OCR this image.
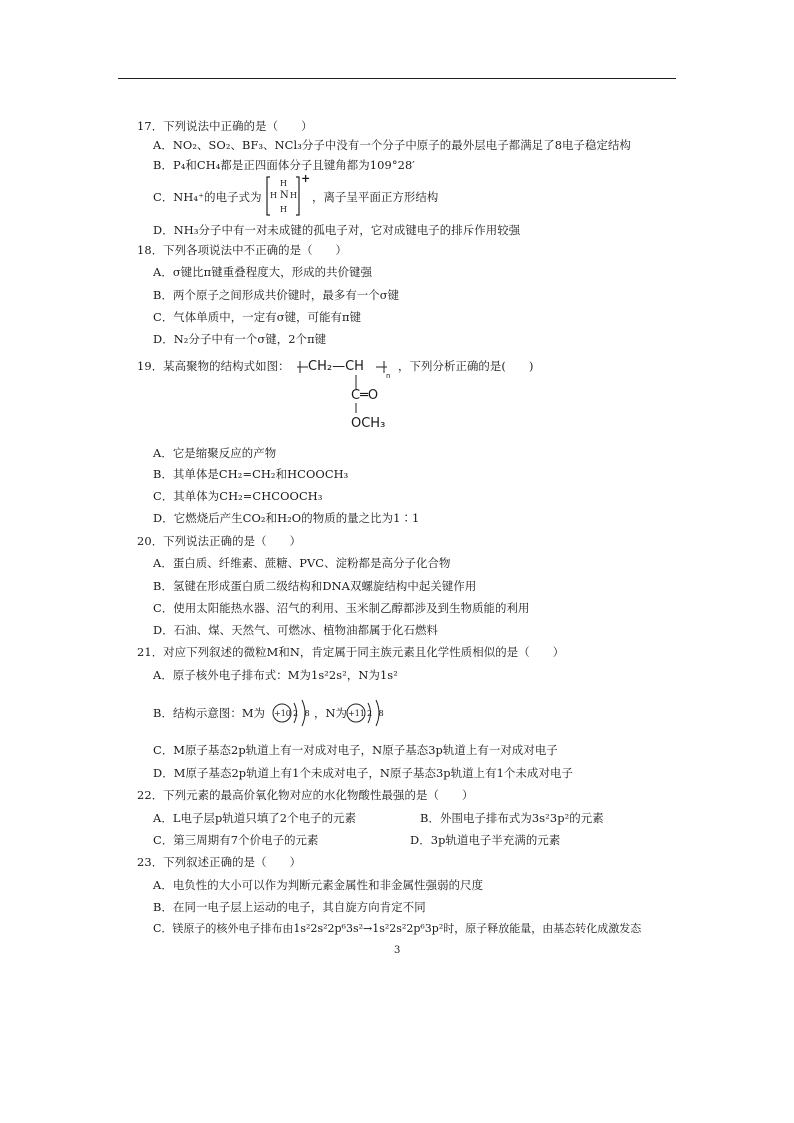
17．下列说法中正确的是（　　）
A．NO₂、SO₂、BF₃、NCl₃分子中没有一个分子中原子的最外层电子都满足了8电子稳定结构
B．P₄和CH₄都是正四面体分子且键角都为109°28′
C．NH₄⁺的电子式为 N
H
H
H H
+
，离子呈平面正方形结构
D．NH₃分子中有一对未成键的孤电子对，它对成键电子的排斥作用较强
18．下列各项说法中不正确的是（　　）
A．σ键比π键重叠程度大，形成的共价键强
B．两个原子之间形成共价键时，最多有一个σ键
C．气体单质中，一定有σ键，可能有π键
D．N₂分子中有一个σ键，2个π键
19．某高聚物的结构式如图： CH₂—CH
n
C═O
OCH₃
，下列分析正确的是(　　)
A．它是缩聚反应的产物
B．其单体是CH₂=CH₂和HCOOCH₃
C．其单体为CH₂=CHCOOCH₃
D．它燃烧后产生CO₂和H₂O的物质的量之比为1∶1
20．下列说法正确的是（　　）
A．蛋白质、纤维素、蔗糖、PVC、淀粉都是高分子化合物
B．氢键在形成蛋白质二级结构和DNA双螺旋结构中起关键作用
C．使用太阳能热水器、沼气的利用、玉米制乙醇都涉及到生物质能的利用
D．石油、煤、天然气、可燃冰、植物油都属于化石燃料
21．对应下列叙述的微粒M和N，肯定属于同主族元素且化学性质相似的是（　　）
A．原子核外电子排布式：M为1s²2s²，N为1s²
B．结构示意图：M为 +10 2 8 ，N为 +11 2 8
C．M原子基态2p轨道上有一对成对电子，N原子基态3p轨道上有一对成对电子
D．M原子基态2p轨道上有1个未成对电子，N原子基态3p轨道上有1个未成对电子
22．下列元素的最高价氧化物对应的水化物酸性最强的是（　　）
A．L电子层p轨道只填了2个电子的元素	B．外围电子排布式为3s²3p²的元素
C．第三周期有7个价电子的元素	D．3p轨道电子半充满的元素
23．下列叙述正确的是（　　）
A．电负性的大小可以作为判断元素金属性和非金属性强弱的尺度
B．在同一电子层上运动的电子，其自旋方向肯定不同
C．镁原子的核外电子排布由1s²2s²2p⁶3s²→1s²2s²2p⁶3p²时，原子释放能量，由基态转化成激发态
3
